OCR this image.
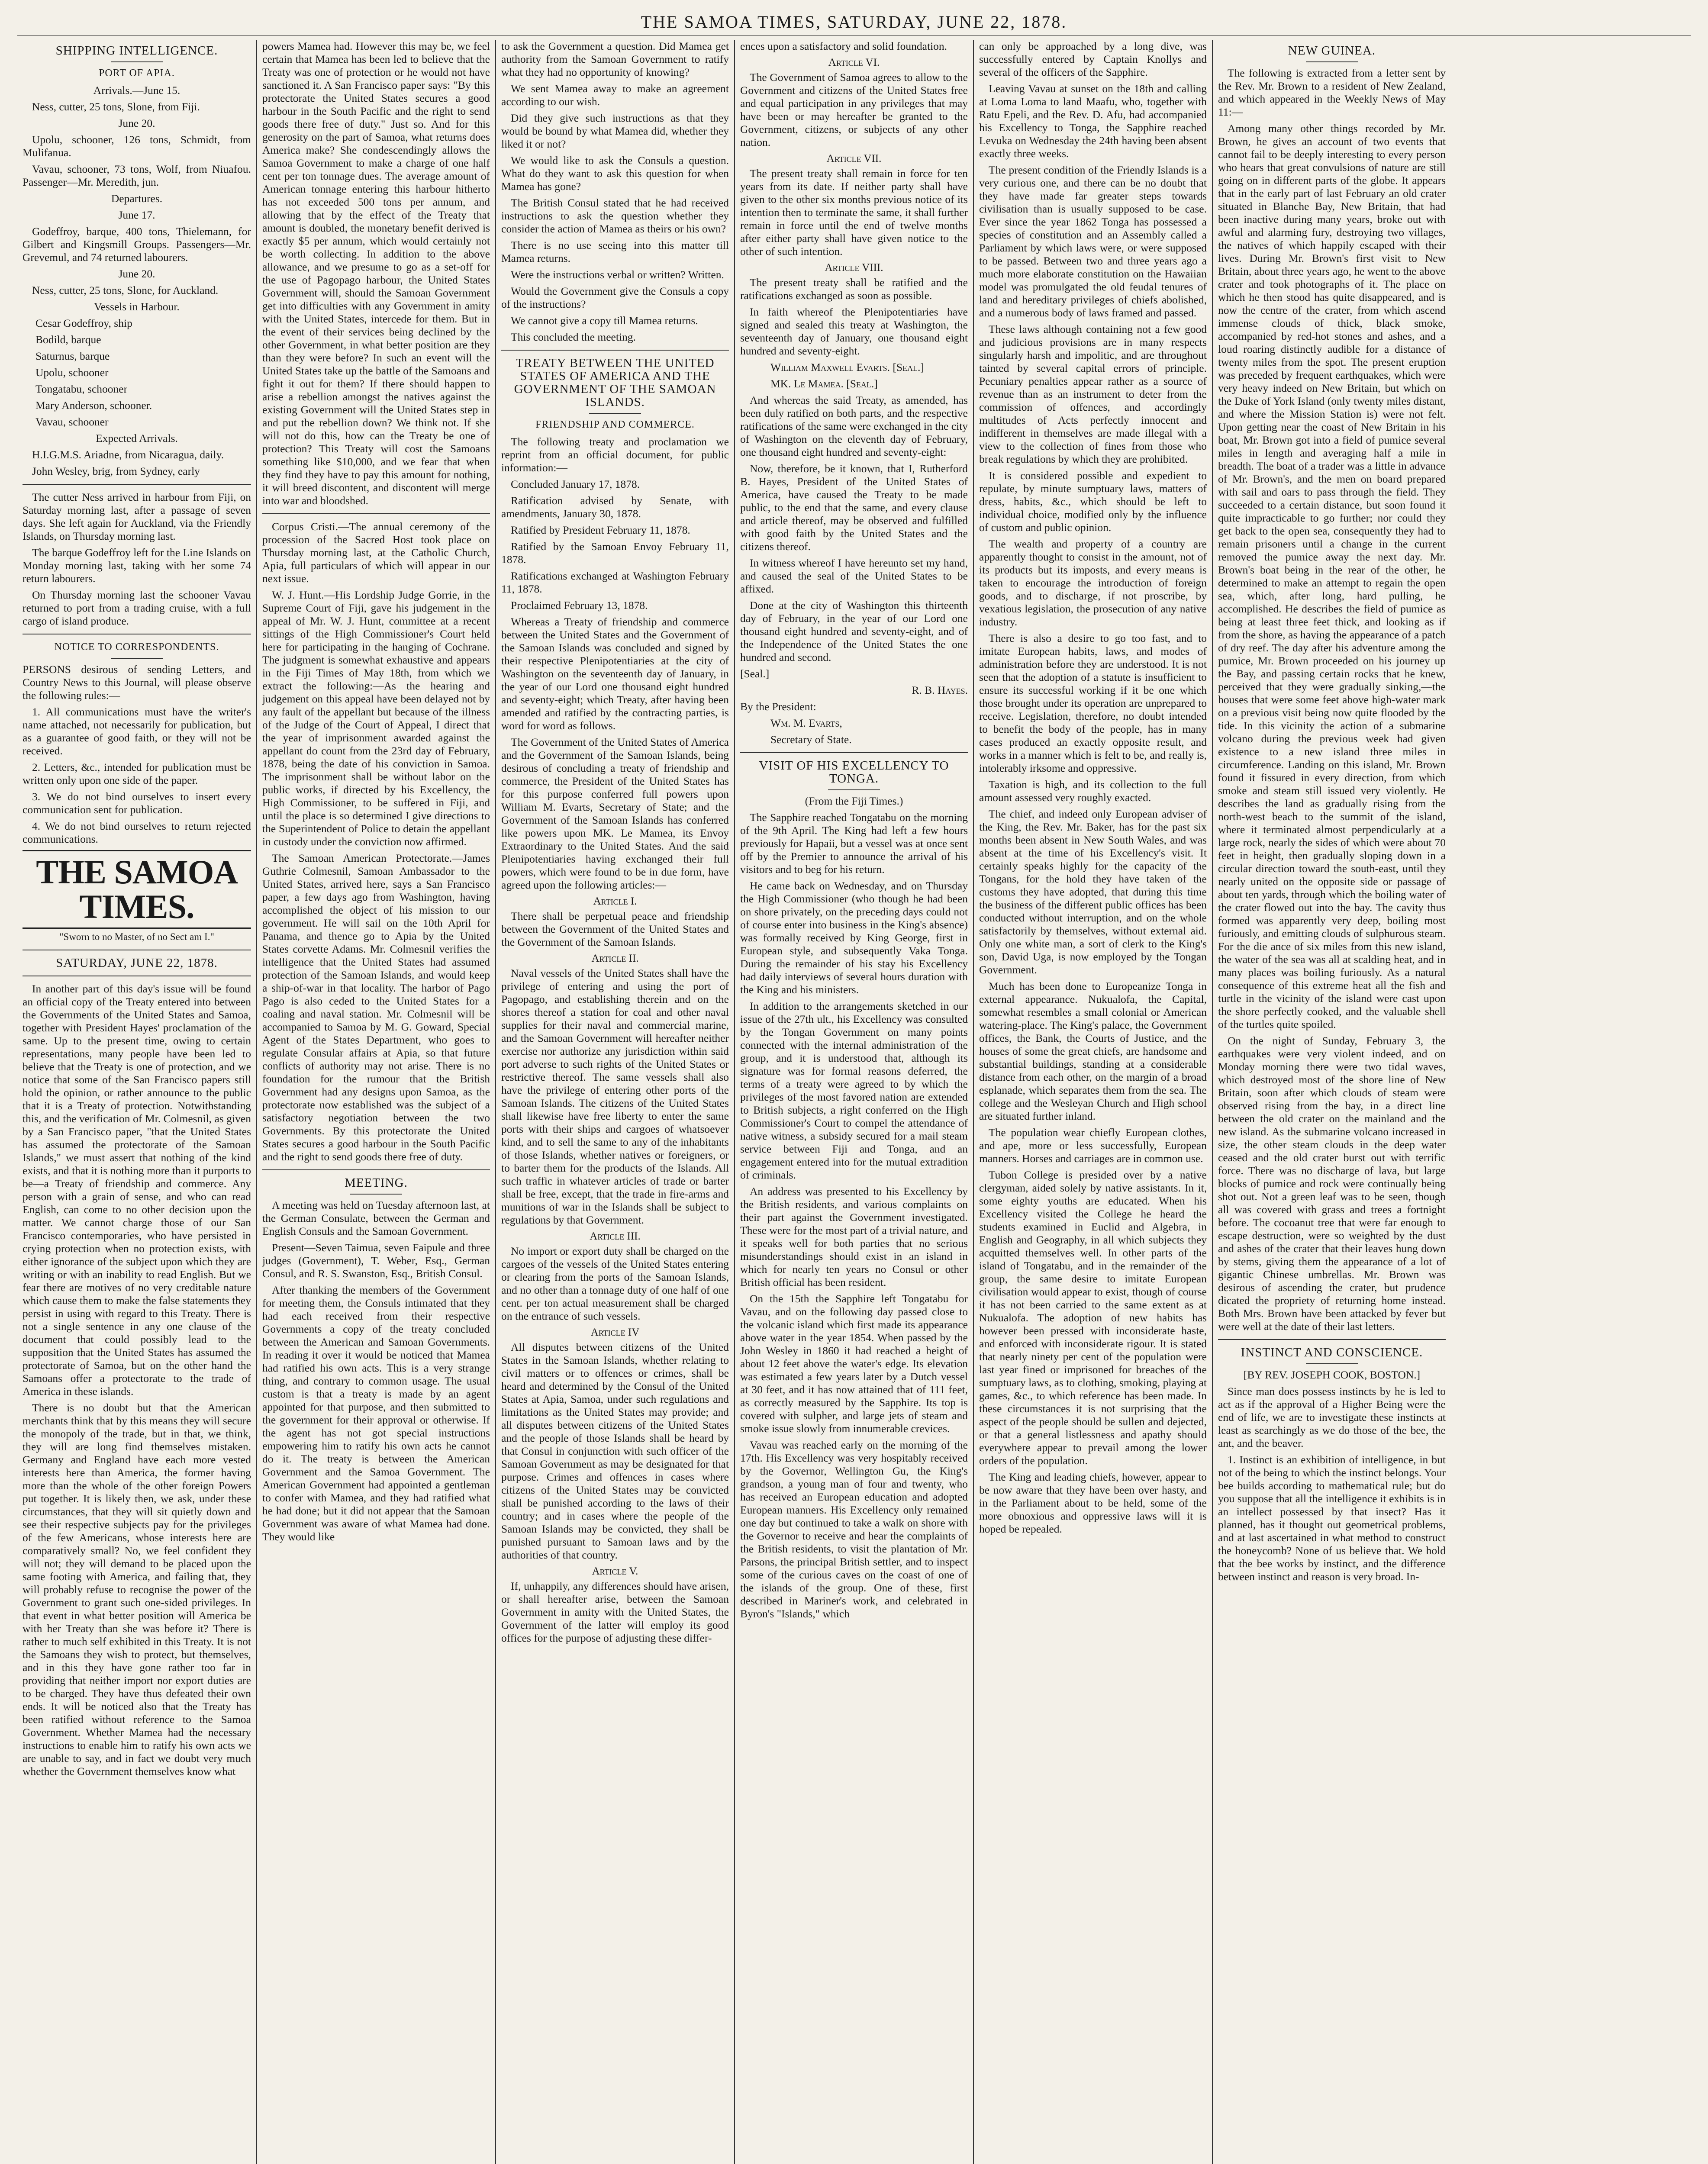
THE SAMOA TIMES, SATURDAY, JUNE 22, 1878.
SHIPPING INTELLIGENCE.
PORT OF APIA.

Arrivals.—June 15.

Ness, cutter, 25 tons, Slone, from Fiji.

June 20.

Upolu, schooner, 126 tons, Schmidt, from Mulifanua.

Vavau, schooner, 73 tons, Wolf, from Niuafou. Passenger—Mr. Meredith, jun.

Departures.

June 17.

Godeffroy, barque, 400 tons, Thielemann, for Gilbert and Kingsmill Groups. Passengers—Mr. Grevemul, and 74 returned labourers.

June 20.

Ness, cutter, 25 tons, Slone, for Auckland.

Vessels in Harbour.

Cesar Godeffroy, ship

Bodild, barque

Saturnus, barque

Upolu, schooner

Tongatabu, schooner

Mary Anderson, schooner.

Vavau, schooner

Expected Arrivals.

H.I.G.M.S. Ariadne, from Nicaragua, daily.

John Wesley, brig, from Sydney, early

The cutter Ness arrived in harbour from Fiji, on Saturday morning last, after a passage of seven days. She left again for Auckland, via the Friendly Islands, on Thursday morning last.

The barque Godeffroy left for the Line Islands on Monday morning last, taking with her some 74 return labourers.

On Thursday morning last the schooner Vavau returned to port from a trading cruise, with a full cargo of island produce.

NOTICE TO CORRESPONDENTS.

PERSONS desirous of sending Letters, and Country News to this Journal, will please observe the following rules:—

1. All communications must have the writer's name attached, not necessarily for publication, but as a guarantee of good faith, or they will not be received.

2. Letters, &c., intended for publication must be written only upon one side of the paper.

3. We do not bind ourselves to insert every communication sent for publication.

4. We do not bind ourselves to return rejected communications.

THE SAMOA TIMES.
"Sworn to no Master, of no Sect am I."
SATURDAY, JUNE 22, 1878.

In another part of this day's issue will be found an official copy of the Treaty entered into between the Governments of the United States and Samoa, together with President Hayes' proclamation of the same. Up to the present time, owing to certain representations, many people have been led to believe that the Treaty is one of protection, and we notice that some of the San Francisco papers still hold the opinion, or rather announce to the public that it is a Treaty of protection. Notwithstanding this, and the verification of Mr. Colmesnil, as given by a San Francisco paper, "that the United States has assumed the protectorate of the Samoan Islands," we must assert that nothing of the kind exists, and that it is nothing more than it purports to be—a Treaty of friendship and commerce. Any person with a grain of sense, and who can read English, can come to no other decision upon the matter. We cannot charge those of our San Francisco contemporaries, who have persisted in crying protection when no protection exists, with either ignorance of the subject upon which they are writing or with an inability to read English. But we fear there are motives of no very creditable nature which cause them to make the false statements they persist in using with regard to this Treaty. There is not a single sentence in any one clause of the document that could possibly lead to the supposition that the United States has assumed the protectorate of Samoa, but on the other hand the Samoans offer a protectorate to the trade of America in these islands.

There is no doubt but that the American merchants think that by this means they will secure the monopoly of the trade, but in that, we think, they will are long find themselves mistaken. Germany and England have each more vested interests here than America, the former having more than the whole of the other foreign Powers put together. It is likely then, we ask, under these circumstances, that they will sit quietly down and see their respective subjects pay for the privileges of the few Americans, whose interests here are comparatively small? No, we feel confident they will not; they will demand to be placed upon the same footing with America, and failing that, they will probably refuse to recognise the power of the Government to grant such one-sided privileges. In that event in what better position will America be with her Treaty than she was before it? There is rather to much self exhibited in this Treaty. It is not the Samoans they wish to protect, but themselves, and in this they have gone rather too far in providing that neither import nor export duties are to be charged. They have thus defeated their own ends. It will be noticed also that the Treaty has been ratified without reference to the Samoa Government. Whether Mamea had the necessary instructions to enable him to ratify his own acts we are unable to say, and in fact we doubt very much whether the Government themselves know what

powers Mamea had. However this may be, we feel certain that Mamea has been led to believe that the Treaty was one of protection or he would not have sanctioned it. A San Francisco paper says: "By this protectorate the United States secures a good harbour in the South Pacific and the right to send goods there free of duty." Just so. And for this generosity on the part of Samoa, what returns does America make? She condescendingly allows the Samoa Government to make a charge of one half cent per ton tonnage dues. The average amount of American tonnage entering this harbour hitherto has not exceeded 500 tons per annum, and allowing that by the effect of the Treaty that amount is doubled, the monetary benefit derived is exactly $5 per annum, which would certainly not be worth collecting. In addition to the above allowance, and we presume to go as a set-off for the use of Pagopago harbour, the United States Government will, should the Samoan Government get into difficulties with any Government in amity with the United States, intercede for them. But in the event of their services being declined by the other Government, in what better position are they than they were before? In such an event will the United States take up the battle of the Samoans and fight it out for them? If there should happen to arise a rebellion amongst the natives against the existing Government will the United States step in and put the rebellion down? We think not. If she will not do this, how can the Treaty be one of protection? This Treaty will cost the Samoans something like $10,000, and we fear that when they find they have to pay this amount for nothing, it will breed discontent, and discontent will merge into war and bloodshed.

Corpus Cristi.—The annual ceremony of the procession of the Sacred Host took place on Thursday morning last, at the Catholic Church, Apia, full particulars of which will appear in our next issue.

W. J. Hunt.—His Lordship Judge Gorrie, in the Supreme Court of Fiji, gave his judgement in the appeal of Mr. W. J. Hunt, committee at a recent sittings of the High Commissioner's Court held here for participating in the hanging of Cochrane. The judgment is somewhat exhaustive and appears in the Fiji Times of May 18th, from which we extract the following:—As the hearing and judgement on this appeal have been delayed not by any fault of the appellant but because of the illness of the Judge of the Court of Appeal, I direct that the year of imprisonment awarded against the appellant do count from the 23rd day of February, 1878, being the date of his conviction in Samoa. The imprisonment shall be without labor on the public works, if directed by his Excellency, the High Commissioner, to be suffered in Fiji, and until the place is so determined I give directions to the Superintendent of Police to detain the appellant in custody under the conviction now affirmed.

The Samoan American Protectorate.—James Guthrie Colmesnil, Samoan Ambassador to the United States, arrived here, says a San Francisco paper, a few days ago from Washington, having accomplished the object of his mission to our government. He will sail on the 10th April for Panama, and thence go to Apia by the United States corvette Adams. Mr. Colmesnil verifies the intelligence that the United States had assumed protection of the Samoan Islands, and would keep a ship-of-war in that locality. The harbor of Pago Pago is also ceded to the United States for a coaling and naval station. Mr. Colmesnil will be accompanied to Samoa by M. G. Goward, Special Agent of the States Department, who goes to regulate Consular affairs at Apia, so that future conflicts of authority may not arise. There is no foundation for the rumour that the British Government had any designs upon Samoa, as the protectorate now established was the subject of a satisfactory negotiation between the two Governments. By this protectorate the United States secures a good harbour in the South Pacific and the right to send goods there free of duty.

MEETING.

A meeting was held on Tuesday afternoon last, at the German Consulate, between the German and English Consuls and the Samoan Government.

Present—Seven Taimua, seven Faipule and three judges (Government), T. Weber, Esq., German Consul, and R. S. Swanston, Esq., British Consul.

After thanking the members of the Government for meeting them, the Consuls intimated that they had each received from their respective Governments a copy of the treaty concluded between the American and Samoan Governments. In reading it over it would be noticed that Mamea had ratified his own acts. This is a very strange thing, and contrary to common usage. The usual custom is that a treaty is made by an agent appointed for that purpose, and then submitted to the government for their approval or otherwise. If the agent has not got special instructions empowering him to ratify his own acts he cannot do it. The treaty is between the American Government and the Samoa Government. The American Government had appointed a gentleman to confer with Mamea, and they had ratified what he had done; but it did not appear that the Samoan Government was aware of what Mamea had done. They would like

to ask the Government a question. Did Mamea get authority from the Samoan Government to ratify what they had no opportunity of knowing?

We sent Mamea away to make an agreement according to our wish.

Did they give such instructions as that they would be bound by what Mamea did, whether they liked it or not?

We would like to ask the Consuls a question. What do they want to ask this question for when Mamea has gone?

The British Consul stated that he had received instructions to ask the question whether they consider the action of Mamea as theirs or his own?

There is no use seeing into this matter till Mamea returns.

Were the instructions verbal or written? Written.

Would the Government give the Consuls a copy of the instructions?

We cannot give a copy till Mamea returns.

This concluded the meeting.

TREATY BETWEEN THE UNITED STATES OF AMERICA AND THE GOVERNMENT OF THE SAMOAN ISLANDS.
FRIENDSHIP AND COMMERCE.

The following treaty and proclamation we reprint from an official document, for public information:—

Concluded January 17, 1878.

Ratification advised by Senate, with amendments, January 30, 1878.

Ratified by President February 11, 1878.

Ratified by the Samoan Envoy February 11, 1878.

Ratifications exchanged at Washington February 11, 1878.

Proclaimed February 13, 1878.

Whereas a Treaty of friendship and commerce between the United States and the Government of the Samoan Islands was concluded and signed by their respective Plenipotentiaries at the city of Washington on the seventeenth day of January, in the year of our Lord one thousand eight hundred and seventy-eight; which Treaty, after having been amended and ratified by the contracting parties, is word for word as follows.

The Government of the United States of America and the Government of the Samoan Islands, being desirous of concluding a treaty of friendship and commerce, the President of the United States has for this purpose conferred full powers upon William M. Evarts, Secretary of State; and the Government of the Samoan Islands has conferred like powers upon MK. Le Mamea, its Envoy Extraordinary to the United States. And the said Plenipotentiaries having exchanged their full powers, which were found to be in due form, have agreed upon the following articles:—

Article I.

There shall be perpetual peace and friendship between the Government of the United States and the Government of the Samoan Islands.

Article II.

Naval vessels of the United States shall have the privilege of entering and using the port of Pagopago, and establishing therein and on the shores thereof a station for coal and other naval supplies for their naval and commercial marine, and the Samoan Government will hereafter neither exercise nor authorize any jurisdiction within said port adverse to such rights of the United States or restrictive thereof. The same vessels shall also have the privilege of entering other ports of the Samoan Islands. The citizens of the United States shall likewise have free liberty to enter the same ports with their ships and cargoes of whatsoever kind, and to sell the same to any of the inhabitants of those Islands, whether natives or foreigners, or to barter them for the products of the Islands. All such traffic in whatever articles of trade or barter shall be free, except, that the trade in fire-arms and munitions of war in the Islands shall be subject to regulations by that Government.

Article III.

No import or export duty shall be charged on the cargoes of the vessels of the United States entering or clearing from the ports of the Samoan Islands, and no other than a tonnage duty of one half of one cent. per ton actual measurement shall be charged on the entrance of such vessels.

Article IV

All disputes between citizens of the United States in the Samoan Islands, whether relating to civil matters or to offences or crimes, shall be heard and determined by the Consul of the United States at Apia, Samoa, under such regulations and limitations as the United States may provide; and all disputes between citizens of the United States and the people of those Islands shall be heard by that Consul in conjunction with such officer of the Samoan Government as may be designated for that purpose. Crimes and offences in cases where citizens of the United States may be convicted shall be punished according to the laws of their country; and in cases where the people of the Samoan Islands may be convicted, they shall be punished pursuant to Samoan laws and by the authorities of that country.

Article V.

If, unhappily, any differences should have arisen, or shall hereafter arise, between the Samoan Government in amity with the United States, the Government of the latter will employ its good offices for the purpose of adjusting these differ-

ences upon a satisfactory and solid foundation.

Article VI.

The Government of Samoa agrees to allow to the Government and citizens of the United States free and equal participation in any privileges that may have been or may hereafter be granted to the Government, citizens, or subjects of any other nation.

Article VII.

The present treaty shall remain in force for ten years from its date. If neither party shall have given to the other six months previous notice of its intention then to terminate the same, it shall further remain in force until the end of twelve months after either party shall have given notice to the other of such intention.

Article VIII.

The present treaty shall be ratified and the ratifications exchanged as soon as possible.

In faith whereof the Plenipotentiaries have signed and sealed this treaty at Washington, the seventeenth day of January, one thousand eight hundred and seventy-eight.

William Maxwell Evarts. [Seal.]

MK. Le Mamea. [Seal.]

And whereas the said Treaty, as amended, has been duly ratified on both parts, and the respective ratifications of the same were exchanged in the city of Washington on the eleventh day of February, one thousand eight hundred and seventy-eight:

Now, therefore, be it known, that I, Rutherford B. Hayes, President of the United States of America, have caused the Treaty to be made public, to the end that the same, and every clause and article thereof, may be observed and fulfilled with good faith by the United States and the citizens thereof.

In witness whereof I have hereunto set my hand, and caused the seal of the United States to be affixed.

Done at the city of Washington this thirteenth day of February, in the year of our Lord one thousand eight hundred and seventy-eight, and of the Independence of the United States the one hundred and second.

[Seal.]

R. B. Hayes.

By the President:

Wm. M. Evarts,

Secretary of State.

VISIT OF HIS EXCELLENCY TO TONGA.

(From the Fiji Times.)

The Sapphire reached Tongatabu on the morning of the 9th April. The King had left a few hours previously for Hapaii, but a vessel was at once sent off by the Premier to announce the arrival of his visitors and to beg for his return.

He came back on Wednesday, and on Thursday the High Commissioner (who though he had been on shore privately, on the preceding days could not of course enter into business in the King's absence) was formally received by King George, first in European style, and subsequently Vaka Tonga. During the remainder of his stay his Excellency had daily interviews of several hours duration with the King and his ministers.

In addition to the arrangements sketched in our issue of the 27th ult., his Excellency was consulted by the Tongan Government on many points connected with the internal administration of the group, and it is understood that, although its signature was for formal reasons deferred, the terms of a treaty were agreed to by which the privileges of the most favored nation are extended to British subjects, a right conferred on the High Commissioner's Court to compel the attendance of native witness, a subsidy secured for a mail steam service between Fiji and Tonga, and an engagement entered into for the mutual extradition of criminals.

An address was presented to his Excellency by the British residents, and various complaints on their part against the Government investigated. These were for the most part of a trivial nature, and it speaks well for both parties that no serious misunderstandings should exist in an island in which for nearly ten years no Consul or other British official has been resident.

On the 15th the Sapphire left Tongatabu for Vavau, and on the following day passed close to the volcanic island which first made its appearance above water in the year 1854. When passed by the John Wesley in 1860 it had reached a height of about 12 feet above the water's edge. Its elevation was estimated a few years later by a Dutch vessel at 30 feet, and it has now attained that of 111 feet, as correctly measured by the Sapphire. Its top is covered with sulpher, and large jets of steam and smoke issue slowly from innumerable crevices.

Vavau was reached early on the morning of the 17th. His Excellency was very hospitably received by the Governor, Wellington Gu, the King's grandson, a young man of four and twenty, who has received an European education and adopted European manners. His Excellency only remained one day but continued to take a walk on shore with the Governor to receive and hear the complaints of the British residents, to visit the plantation of Mr. Parsons, the principal British settler, and to inspect some of the curious caves on the coast of one of the islands of the group. One of these, first described in Mariner's work, and celebrated in Byron's "Islands," which

can only be approached by a long dive, was successfully entered by Captain Knollys and several of the officers of the Sapphire.

Leaving Vavau at sunset on the 18th and calling at Loma Loma to land Maafu, who, together with Ratu Epeli, and the Rev. D. Afu, had accompanied his Excellency to Tonga, the Sapphire reached Levuka on Wednesday the 24th having been absent exactly three weeks.

The present condition of the Friendly Islands is a very curious one, and there can be no doubt that they have made far greater steps towards civilisation than is usually supposed to be case. Ever since the year 1862 Tonga has possessed a species of constitution and an Assembly called a Parliament by which laws were, or were supposed to be passed. Between two and three years ago a much more elaborate constitution on the Hawaiian model was promulgated the old feudal tenures of land and hereditary privileges of chiefs abolished, and a numerous body of laws framed and passed.

These laws although containing not a few good and judicious provisions are in many respects singularly harsh and impolitic, and are throughout tainted by several capital errors of principle. Pecuniary penalties appear rather as a source of revenue than as an instrument to deter from the commission of offences, and accordingly multitudes of Acts perfectly innocent and indifferent in themselves are made illegal with a view to the collection of fines from those who break regulations by which they are prohibited.

It is considered possible and expedient to repulate, by minute sumptuary laws, matters of dress, habits, &c., which should be left to individual choice, modified only by the influence of custom and public opinion.

The wealth and property of a country are apparently thought to consist in the amount, not of its products but its imposts, and every means is taken to encourage the introduction of foreign goods, and to discharge, if not proscribe, by vexatious legislation, the prosecution of any native industry.

There is also a desire to go too fast, and to imitate European habits, laws, and modes of administration before they are understood. It is not seen that the adoption of a statute is insufficient to ensure its successful working if it be one which those brought under its operation are unprepared to receive. Legislation, therefore, no doubt intended to benefit the body of the people, has in many cases produced an exactly opposite result, and works in a manner which is felt to be, and really is, intolerably irksome and oppressive.

Taxation is high, and its collection to the full amount assessed very roughly exacted.

The chief, and indeed only European adviser of the King, the Rev. Mr. Baker, has for the past six months been absent in New South Wales, and was absent at the time of his Excellency's visit. It certainly speaks highly for the capacity of the Tongans, for the hold they have taken of the customs they have adopted, that during this time the business of the different public offices has been conducted without interruption, and on the whole satisfactorily by themselves, without external aid. Only one white man, a sort of clerk to the King's son, David Uga, is now employed by the Tongan Government.

Much has been done to Europeanize Tonga in external appearance. Nukualofa, the Capital, somewhat resembles a small colonial or American watering-place. The King's palace, the Government offices, the Bank, the Courts of Justice, and the houses of some the great chiefs, are handsome and substantial buildings, standing at a considerable distance from each other, on the margin of a broad esplanade, which separates them from the sea. The college and the Wesleyan Church and High school are situated further inland.

The population wear chiefly European clothes, and ape, more or less successfully, European manners. Horses and carriages are in common use.

Tubon College is presided over by a native clergyman, aided solely by native assistants. In it, some eighty youths are educated. When his Excellency visited the College he heard the students examined in Euclid and Algebra, in English and Geography, in all which subjects they acquitted themselves well. In other parts of the island of Tongatabu, and in the remainder of the group, the same desire to imitate European civilisation would appear to exist, though of course it has not been carried to the same extent as at Nukualofa. The adoption of new habits has however been pressed with inconsiderate haste, and enforced with inconsiderate rigour. It is stated that nearly ninety per cent of the population were last year fined or imprisoned for breaches of the sumptuary laws, as to clothing, smoking, playing at games, &c., to which reference has been made. In these circumstances it is not surprising that the aspect of the people should be sullen and dejected, or that a general listlessness and apathy should everywhere appear to prevail among the lower orders of the population.

The King and leading chiefs, however, appear to be now aware that they have been over hasty, and in the Parliament about to be held, some of the more obnoxious and oppressive laws will it is hoped be repealed.

NEW GUINEA.

The following is extracted from a letter sent by the Rev. Mr. Brown to a resident of New Zealand, and which appeared in the Weekly News of May 11:—

Among many other things recorded by Mr. Brown, he gives an account of two events that cannot fail to be deeply interesting to every person who hears that great convulsions of nature are still going on in different parts of the globe. It appears that in the early part of last February an old crater situated in Blanche Bay, New Britain, that had been inactive during many years, broke out with awful and alarming fury, destroying two villages, the natives of which happily escaped with their lives. During Mr. Brown's first visit to New Britain, about three years ago, he went to the above crater and took photographs of it. The place on which he then stood has quite disappeared, and is now the centre of the crater, from which ascend immense clouds of thick, black smoke, accompanied by red-hot stones and ashes, and a loud roaring distinctly audible for a distance of twenty miles from the spot. The present eruption was preceded by frequent earthquakes, which were very heavy indeed on New Britain, but which on the Duke of York Island (only twenty miles distant, and where the Mission Station is) were not felt. Upon getting near the coast of New Britain in his boat, Mr. Brown got into a field of pumice several miles in length and averaging half a mile in breadth. The boat of a trader was a little in advance of Mr. Brown's, and the men on board prepared with sail and oars to pass through the field. They succeeded to a certain distance, but soon found it quite impracticable to go further; nor could they get back to the open sea, consequently they had to remain prisoners until a change in the current removed the pumice away the next day. Mr. Brown's boat being in the rear of the other, he determined to make an attempt to regain the open sea, which, after long, hard pulling, he accomplished. He describes the field of pumice as being at least three feet thick, and looking as if from the shore, as having the appearance of a patch of dry reef. The day after his adventure among the pumice, Mr. Brown proceeded on his journey up the Bay, and passing certain rocks that he knew, perceived that they were gradually sinking,—the houses that were some feet above high-water mark on a previous visit being now quite flooded by the tide. In this vicinity the action of a submarine volcano during the previous week had given existence to a new island three miles in circumference. Landing on this island, Mr. Brown found it fissured in every direction, from which smoke and steam still issued very violently. He describes the land as gradually rising from the north-west beach to the summit of the island, where it terminated almost perpendicularly at a large rock, nearly the sides of which were about 70 feet in height, then gradually sloping down in a circular direction toward the south-east, until they nearly united on the opposite side or passage of about ten yards, through which the boiling water of the crater flowed out into the bay. The cavity thus formed was apparently very deep, boiling most furiously, and emitting clouds of sulphurous steam. For the die ance of six miles from this new island, the water of the sea was all at scalding heat, and in many places was boiling furiously. As a natural consequence of this extreme heat all the fish and turtle in the vicinity of the island were cast upon the shore perfectly cooked, and the valuable shell of the turtles quite spoiled.

On the night of Sunday, February 3, the earthquakes were very violent indeed, and on Monday morning there were two tidal waves, which destroyed most of the shore line of New Britain, soon after which clouds of steam were observed rising from the bay, in a direct line between the old crater on the mainland and the new island. As the submarine volcano increased in size, the other steam clouds in the deep water ceased and the old crater burst out with terrific force. There was no discharge of lava, but large blocks of pumice and rock were continually being shot out. Not a green leaf was to be seen, though all was covered with grass and trees a fortnight before. The cocoanut tree that were far enough to escape destruction, were so weighted by the dust and ashes of the crater that their leaves hung down by stems, giving them the appearance of a lot of gigantic Chinese umbrellas. Mr. Brown was desirous of ascending the crater, but prudence dicated the propriety of returning home instead. Both Mrs. Brown have been attacked by fever but were well at the date of their last letters.

INSTINCT AND CONSCIENCE.

[BY REV. JOSEPH COOK, BOSTON.]

Since man does possess instincts by he is led to act as if the approval of a Higher Being were the end of life, we are to investigate these instincts at least as searchingly as we do those of the bee, the ant, and the beaver.

1. Instinct is an exhibition of intelligence, in but not of the being to which the instinct belongs. Your bee builds according to mathematical rule; but do you suppose that all the intelligence it exhibits is in an intellect possessed by that insect? Has it planned, has it thought out geometrical problems, and at last ascertained in what method to construct the honeycomb? None of us believe that. We hold that the bee works by instinct, and the difference between instinct and reason is very broad. In-
